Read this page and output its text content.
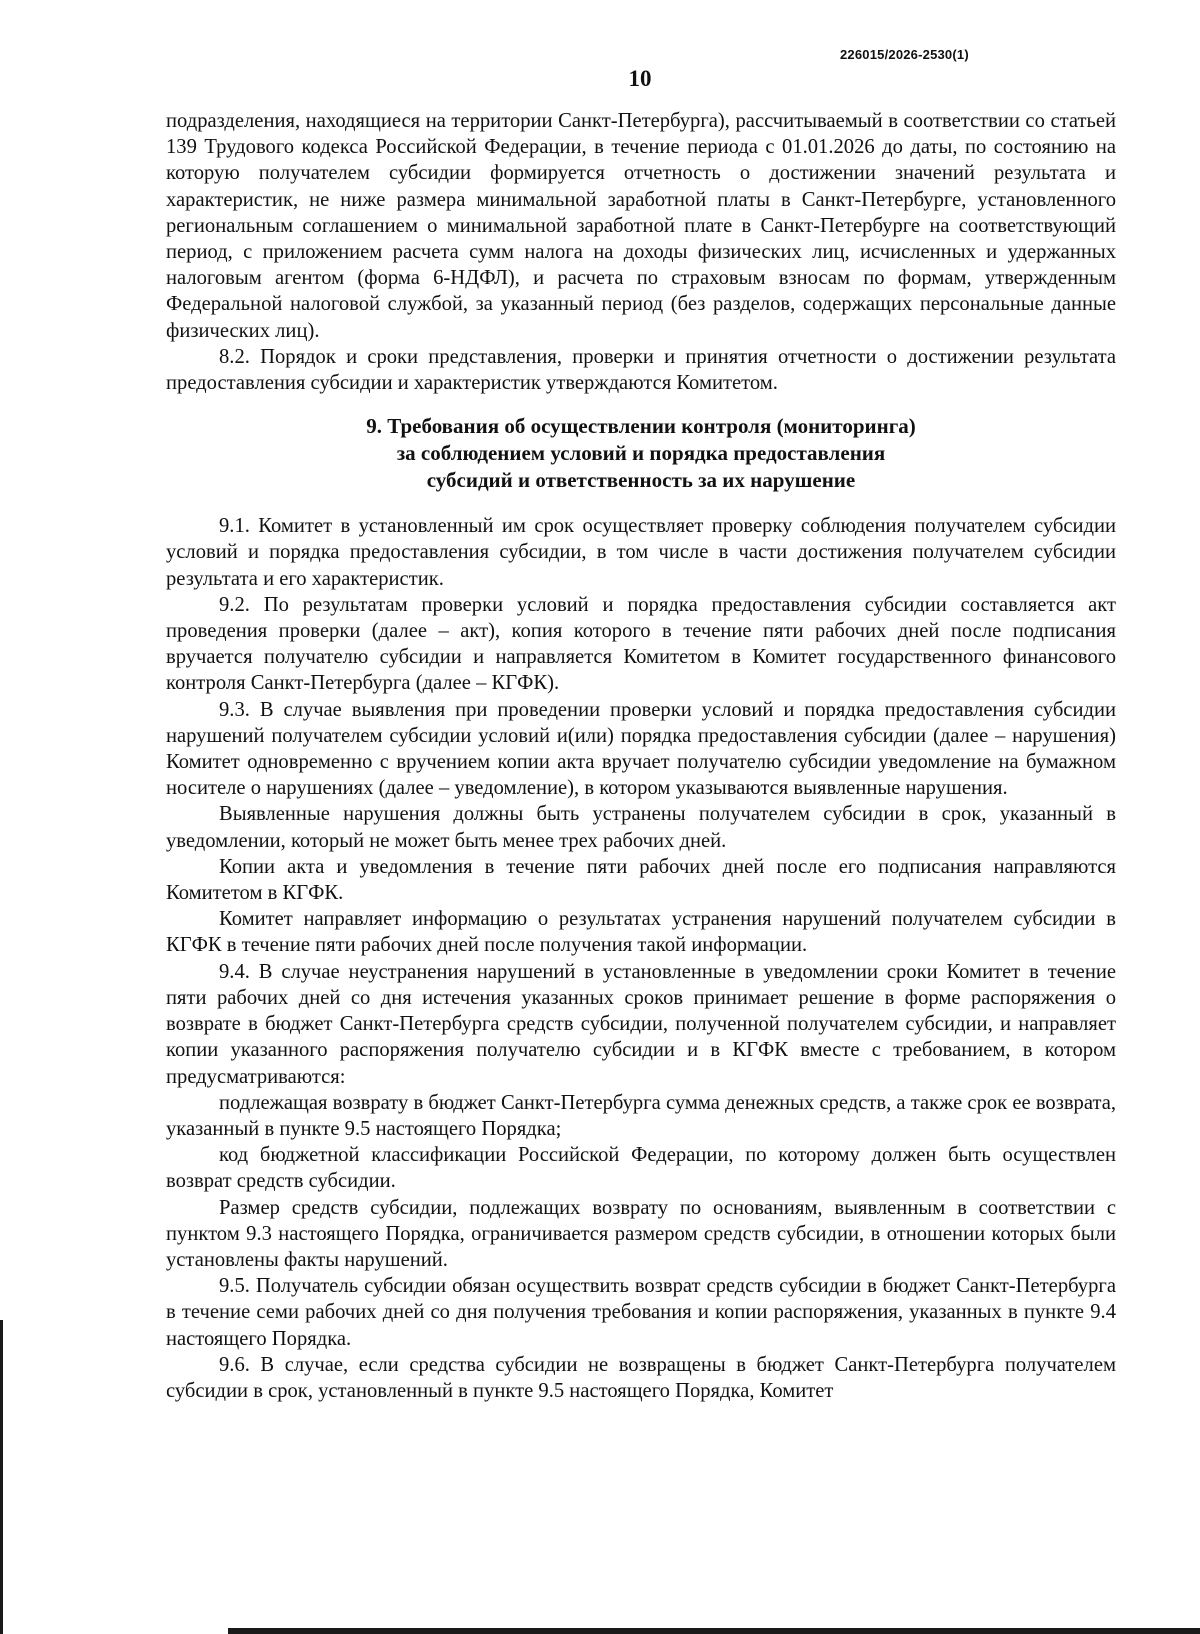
226015/2026-2530(1)
10

подразделения, находящиеся на территории Санкт-Петербурга), рассчитываемый в соответствии со статьей 139 Трудового кодекса Российской Федерации, в течение периода с 01.01.2026 до даты, по состоянию на которую получателем субсидии формируется отчетность о достижении значений результата и характеристик, не ниже размера минимальной заработной платы в Санкт-Петербурге, установленного региональным соглашением о минимальной заработной плате в Санкт-Петербурге на соответствующий период, с приложением расчета сумм налога на доходы физических лиц, исчисленных и удержанных налоговым агентом (форма 6-НДФЛ), и расчета по страховым взносам по формам, утвержденным Федеральной налоговой службой, за указанный период (без разделов, содержащих персональные данные физических лиц).

8.2. Порядок и сроки представления, проверки и принятия отчетности о достижении результата предоставления субсидии и характеристик утверждаются Комитетом.

9. Требования об осуществлении контроля (мониторинга)
за соблюдением условий и порядка предоставления
субсидий и ответственность за их нарушение

9.1. Комитет в установленный им срок осуществляет проверку соблюдения получателем субсидии условий и порядка предоставления субсидии, в том числе в части достижения получателем субсидии результата и его характеристик.

9.2. По результатам проверки условий и порядка предоставления субсидии составляется акт проведения проверки (далее – акт), копия которого в течение пяти рабочих дней после подписания вручается получателю субсидии и направляется Комитетом в Комитет государственного финансового контроля Санкт-Петербурга (далее – КГФК).

9.3. В случае выявления при проведении проверки условий и порядка предоставления субсидии нарушений получателем субсидии условий и(или) порядка предоставления субсидии (далее – нарушения) Комитет одновременно с вручением копии акта вручает получателю субсидии уведомление на бумажном носителе о нарушениях (далее – уведомление), в котором указываются выявленные нарушения.

Выявленные нарушения должны быть устранены получателем субсидии в срок, указанный в уведомлении, который не может быть менее трех рабочих дней.

Копии акта и уведомления в течение пяти рабочих дней после его подписания направляются Комитетом в КГФК.

Комитет направляет информацию о результатах устранения нарушений получателем субсидии в КГФК в течение пяти рабочих дней после получения такой информации.

9.4. В случае неустранения нарушений в установленные в уведомлении сроки Комитет в течение пяти рабочих дней со дня истечения указанных сроков принимает решение в форме распоряжения о возврате в бюджет Санкт-Петербурга средств субсидии, полученной получателем субсидии, и направляет копии указанного распоряжения получателю субсидии и в КГФК вместе с требованием, в котором предусматриваются:

подлежащая возврату в бюджет Санкт-Петербурга сумма денежных средств, а также срок ее возврата, указанный в пункте 9.5 настоящего Порядка;

код бюджетной классификации Российской Федерации, по которому должен быть осуществлен возврат средств субсидии.

Размер средств субсидии, подлежащих возврату по основаниям, выявленным в соответствии с пунктом 9.3 настоящего Порядка, ограничивается размером средств субсидии, в отношении которых были установлены факты нарушений.

9.5. Получатель субсидии обязан осуществить возврат средств субсидии в бюджет Санкт-Петербурга в течение семи рабочих дней со дня получения требования и копии распоряжения, указанных в пункте 9.4 настоящего Порядка.

9.6. В случае, если средства субсидии не возвращены в бюджет Санкт-Петербурга получателем субсидии в срок, установленный в пункте 9.5 настоящего Порядка, Комитет
